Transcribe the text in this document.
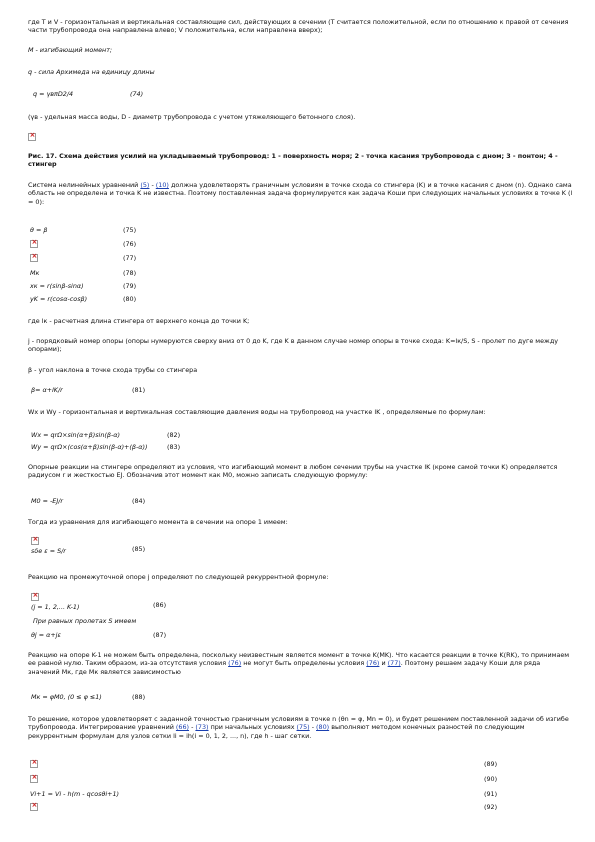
где T и V - горизонтальная и вертикальная составляющие сил, действующих в сечении (T считается положительной, если по отношению к правой от сечения части трубопровода она направлена влево; V положительна, если направлена вверх);
M - изгибающий момент;
q - сила Архимеда на единицу длины
q = γвπD2/4	(74)
(γв - удельная масса воды, D - диаметр трубопровода с учетом утяжеляющего бетонного слоя).
×
Рис. 17. Схема действия усилий на укладываемый трубопровод: 1 - поверхность моря; 2 - точка касания трубопровода с дном; 3 - понтон; 4 - стингер
Система нелинейных уравнений (5) - (10) должна удовлетворять граничным условиям в точке схода со стингера (K) и в точке касания с дном (n). Однако сама область не определена и точка K не известна. Поэтому поставленная задача формулируется как задача Коши при следующих начальных условиях в точке K (l = 0):
θ = β	(75)
×	(76)
×	(77)
Mк	(78)
xк = r(sinβ-sinα)	(79)
yK = r(cosα-cosβ)	(80)
где lк - расчетная длина стингера от верхнего конца до точки K;
j - порядковый номер опоры (опоры нумеруются сверху вниз от 0 до K, где K в данном случае номер опоры в точке схода: K=lк/S, S - пролет по дуге между опорами);
β - угол наклона в точке схода трубы со стингера
β= α+lK/r	(81)
Wх и Wу - горизонтальная и вертикальная составляющие давления воды на трубопровод на участке lK , определяемые по формулам:
Wх = qrΩ×sin(α+β)sin(β-α)	(82)
Wу = qrΩ×(cos(α+β)sin(β-α)+(β-α))	(83)
Опорные реакции на стингере определяют из условия, что изгибающий момент в любом сечении трубы на участке lK (кроме самой точки K) определяется радиусом r и жесткостью EJ. Обозначив этот момент как M0, можно записать следующую формулу:
M0 = -EJ/r	(84)
Тогда из уравнения для изгибающего момента в сечении на опоре 1 имеем:
×
sδe ε = S/r	(85)
Реакцию на промежуточной опоре j определяют по следующей рекуррентной формуле:
×
(j = 1, 2,... K-1)	(86)
При равных пролетах S имеем
θj = α+jε	(87)
Реакцию на опоре K-1 не можем быть определена, поскольку неизвестным является момент в точке K(MK). Что касается реакции в точке K(RK), то принимаем ее равной нулю. Таким образом, из-за отсутствия условия (76) не могут быть определены условия (76) и (77). Поэтому решаем задачу Коши для ряда значений Mк, где Mк является зависимостью
Mк = φM0, (0 ≤ φ ≤1)	(88)
То решение, которое удовлетворяет с заданной точностью граничным условиям в точке n (θn = φ, Mn = 0), и будет решением поставленной задачи об изгибе трубопровода. Интегрирование уравнений (66) - (73) при начальных условиях (75) - (80) выполняют методом конечных разностей по следующим рекуррентным формулам для узлов сетки li = ih(i = 0, 1, 2, ..., n), где h - шаг сетки.
×	(89)
×	(90)
Vi+1 = Vi - h(m - qcosθi+1)	(91)
×	(92)
